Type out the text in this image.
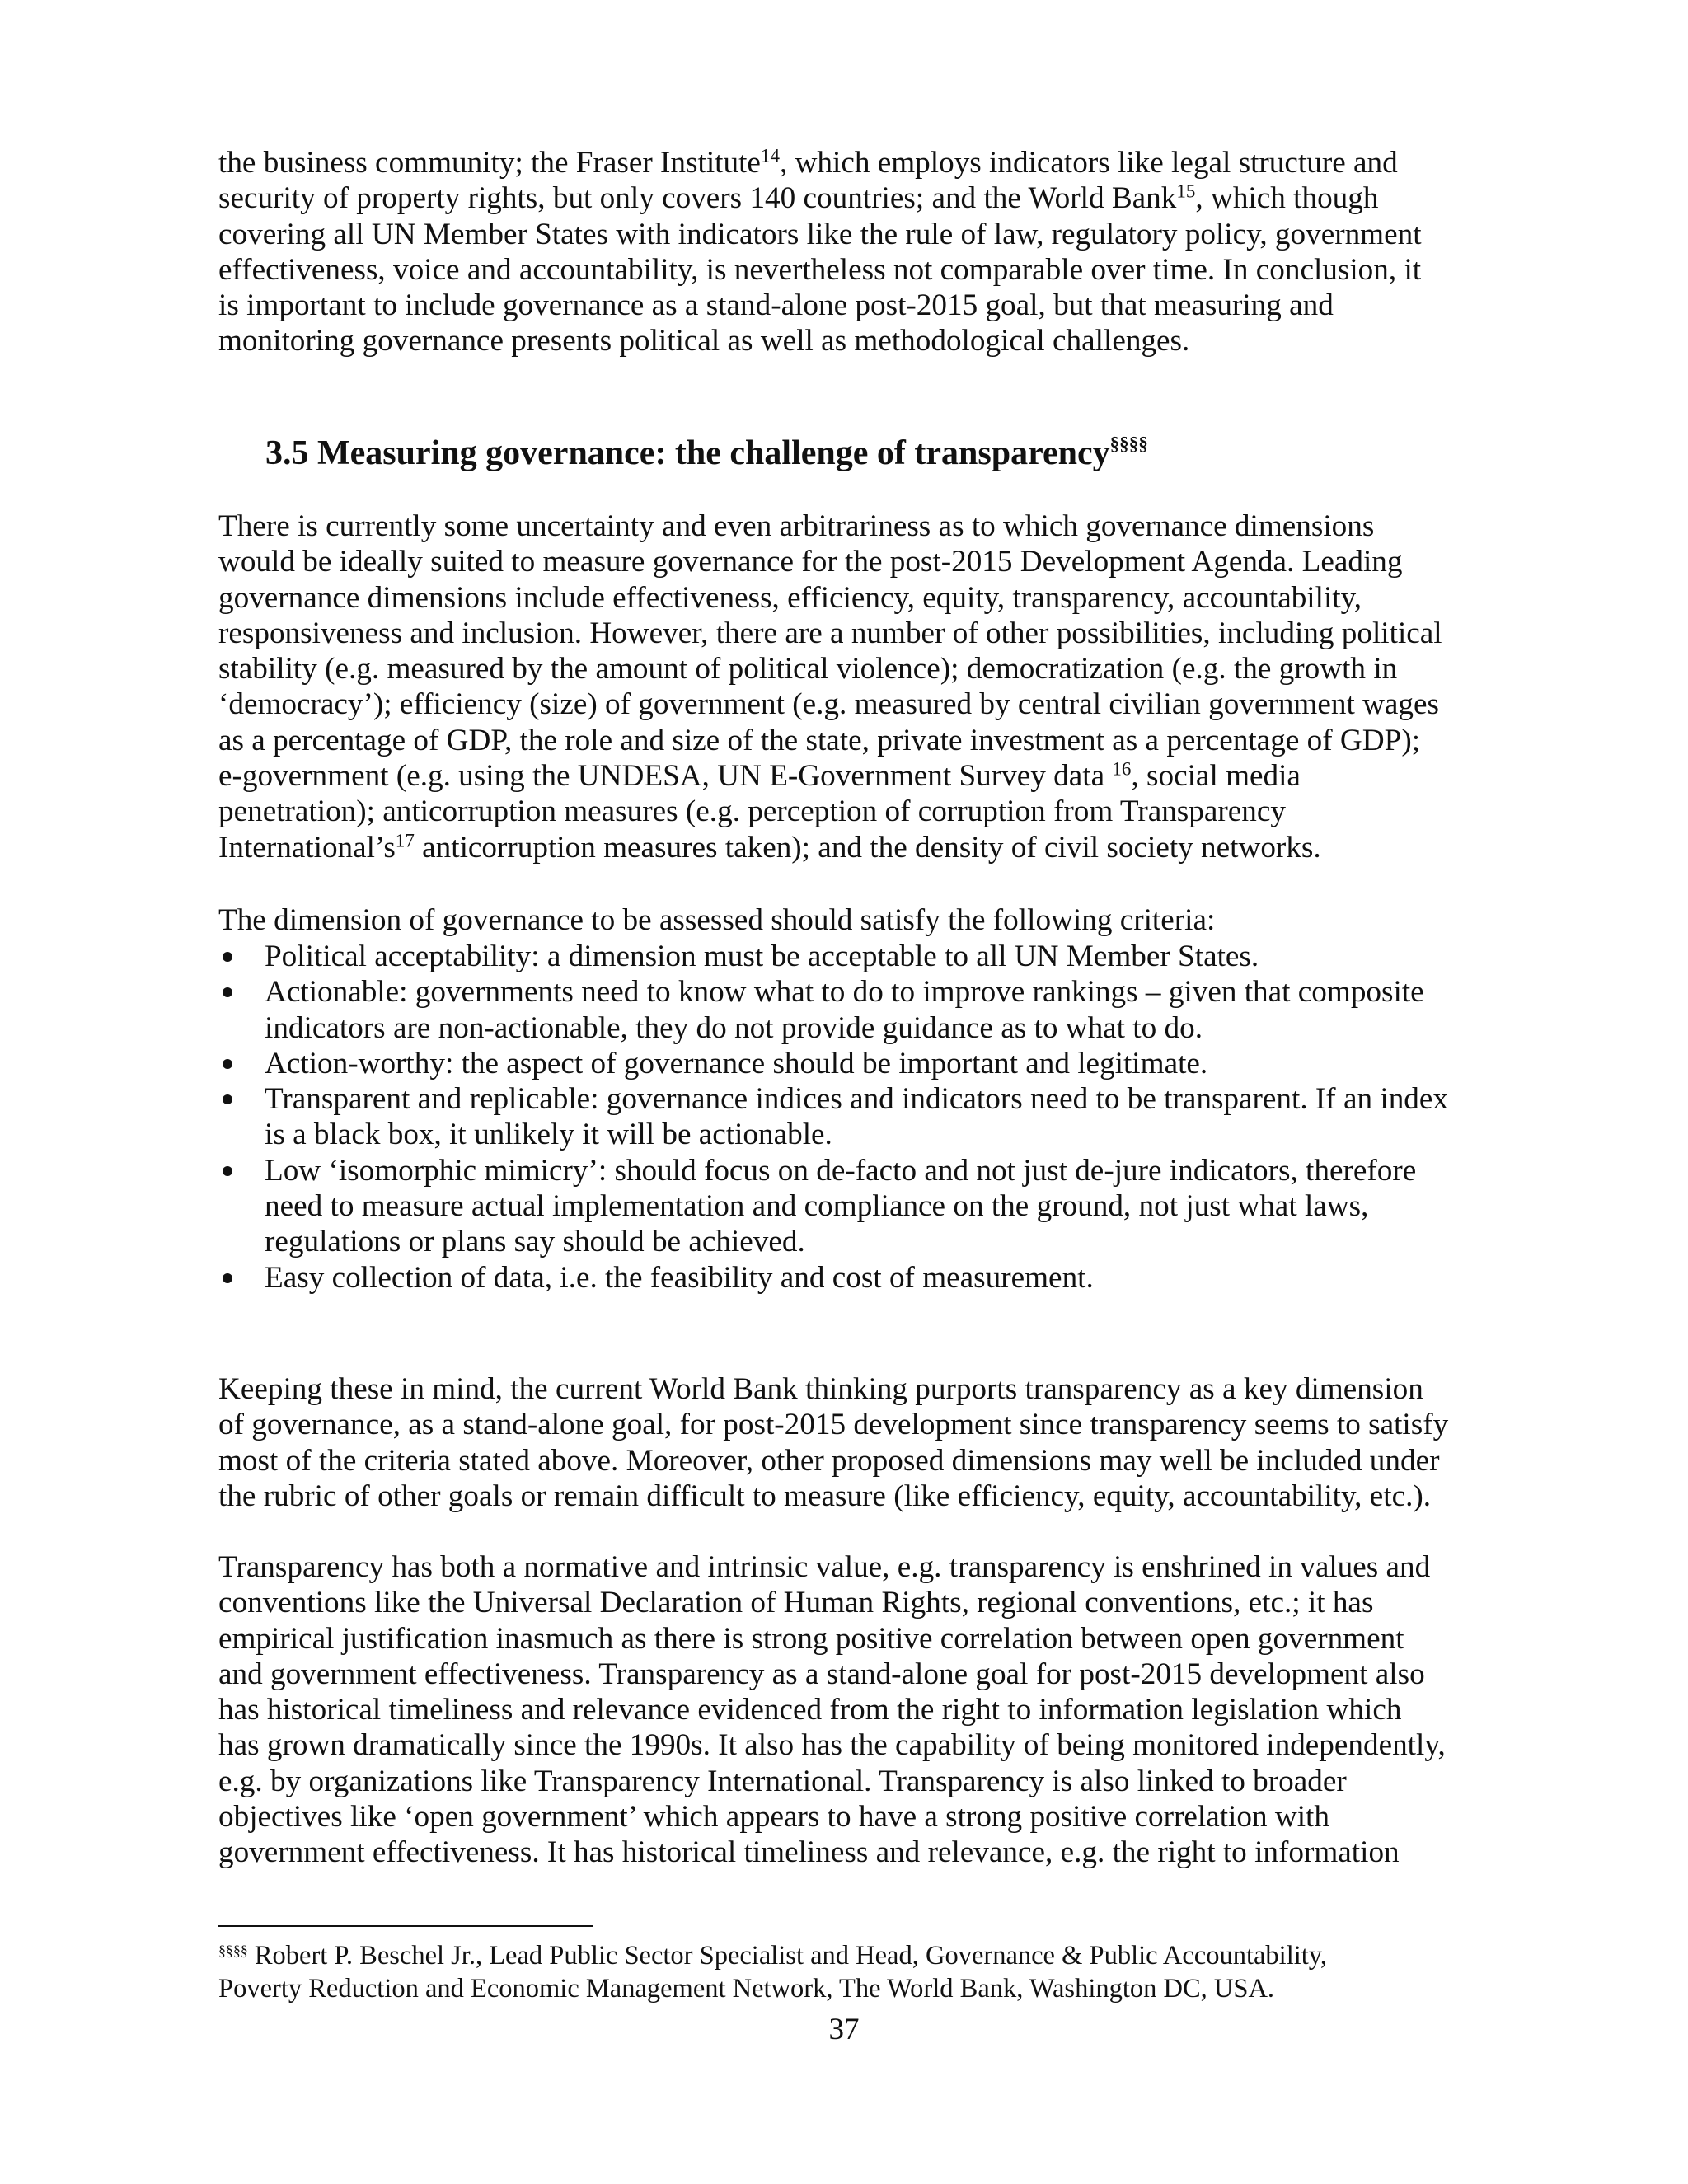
the business community; the Fraser Institute$^{14}$, which employs indicators like legal structure and
security of property rights, but only covers 140 countries; and the World Bank$^{15}$, which though
covering all UN Member States with indicators like the rule of law, regulatory policy, government
effectiveness, voice and accountability, is nevertheless not comparable over time. In conclusion, it
is important to include governance as a stand-alone post-2015 goal, but that measuring and
monitoring governance presents political as well as methodological challenges.

3.5 Measuring governance: the challenge of transparency§§§§

There is currently some uncertainty and even arbitrariness as to which governance dimensions
would be ideally suited to measure governance for the post-2015 Development Agenda. Leading
governance dimensions include effectiveness, efficiency, equity, transparency, accountability,
responsiveness and inclusion. However, there are a number of other possibilities, including political
stability (e.g. measured by the amount of political violence); democratization (e.g. the growth in
‘democracy’); efficiency (size) of government (e.g. measured by central civilian government wages
as a percentage of GDP, the role and size of the state, private investment as a percentage of GDP);
e-government (e.g. using the UNDESA, UN E-Government Survey data $^{16}$, social media
penetration); anticorruption measures (e.g. perception of corruption from Transparency
$International’s^{17}$ anticorruption measures taken); and the density of civil society networks.

The dimension of governance to be assessed should satisfy the following criteria:

Political acceptability: a dimension must be acceptable to all UN Member States.
Actionable: governments need to know what to do to improve rankings – given that composite
indicators are non-actionable, they do not provide guidance as to what to do.
Action-worthy: the aspect of governance should be important and legitimate.
Transparent and replicable: governance indices and indicators need to be transparent. If an index
is a black box, it unlikely it will be actionable.
Low ‘isomorphic mimicry’: should focus on de-facto and not just de-jure indicators, therefore
need to measure actual implementation and compliance on the ground, not just what laws,
regulations or plans say should be achieved.
Easy collection of data, i.e. the feasibility and cost of measurement.

Keeping these in mind, the current World Bank thinking purports transparency as a key dimension
of governance, as a stand-alone goal, for post-2015 development since transparency seems to satisfy
most of the criteria stated above. Moreover, other proposed dimensions may well be included under
the rubric of other goals or remain difficult to measure (like efficiency, equity, accountability, etc.).

Transparency has both a normative and intrinsic value, e.g. transparency is enshrined in values and
conventions like the Universal Declaration of Human Rights, regional conventions, etc.; it has
empirical justification inasmuch as there is strong positive correlation between open government
and government effectiveness. Transparency as a stand-alone goal for post-2015 development also
has historical timeliness and relevance evidenced from the right to information legislation which
has grown dramatically since the 1990s. It also has the capability of being monitored independently,
e.g. by organizations like Transparency International. Transparency is also linked to broader
objectives like ‘open government’ which appears to have a strong positive correlation with
government effectiveness. It has historical timeliness and relevance, e.g. the right to information

§§§§ Robert P. Beschel Jr., Lead Public Sector Specialist and Head, Governance & Public Accountability,
Poverty Reduction and Economic Management Network, The World Bank, Washington DC, USA.

37
